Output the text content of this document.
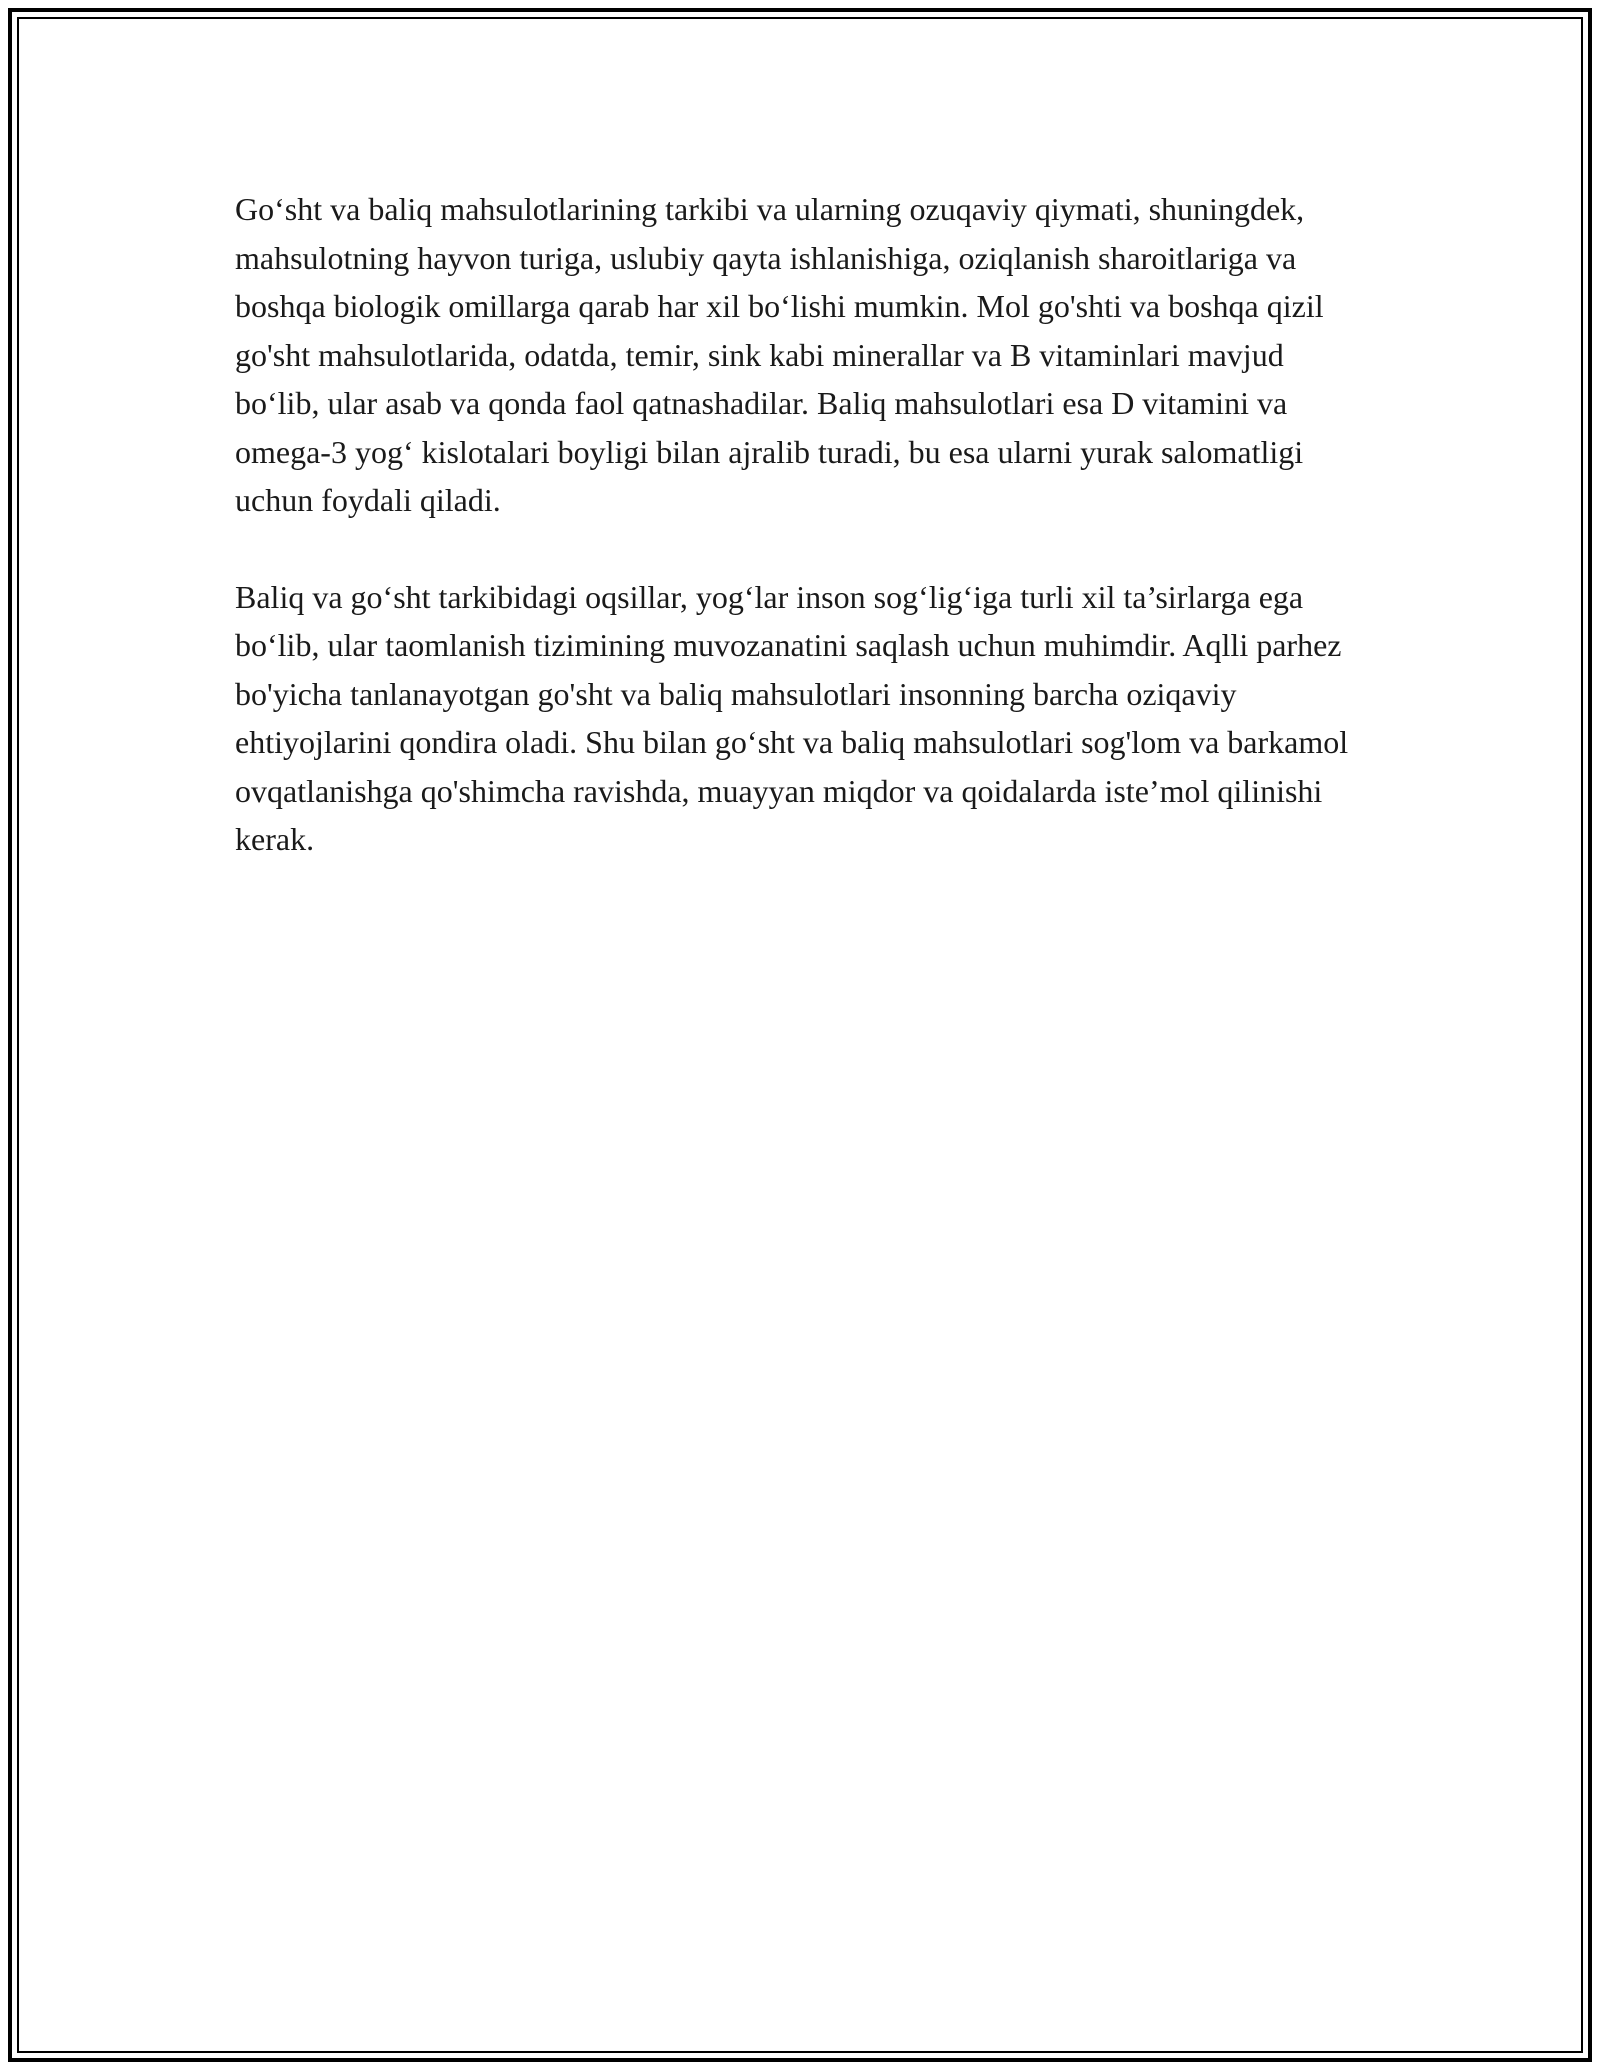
Go‘sht va baliq mahsulotlarining tarkibi va ularning ozuqaviy qiymati, shuningdek, mahsulotning hayvon turiga, uslubiy qayta ishlanishiga, oziqlanish sharoitlariga va boshqa biologik omillarga qarab har xil bo‘lishi mumkin. Mol go'shti va boshqa qizil go'sht mahsulotlarida, odatda, temir, sink kabi minerallar va B vitaminlari mavjud bo‘lib, ular asab va qonda faol qatnashadilar. Baliq mahsulotlari esa D vitamini va omega-3 yog‘ kislotalari boyligi bilan ajralib turadi, bu esa ularni yurak salomatligi uchun foydali qiladi.

Baliq va go‘sht tarkibidagi oqsillar, yog‘lar inson sog‘lig‘iga turli xil ta’sirlarga ega bo‘lib, ular taomlanish tizimining muvozanatini saqlash uchun muhimdir. Aqlli parhez bo'yicha tanlanayotgan go'sht va baliq mahsulotlari insonning barcha oziqaviy ehtiyojlarini qondira oladi. Shu bilan go‘sht va baliq mahsulotlari sog'lom va barkamol ovqatlanishga qo'shimcha ravishda, muayyan miqdor va qoidalarda iste’mol qilinishi kerak.
